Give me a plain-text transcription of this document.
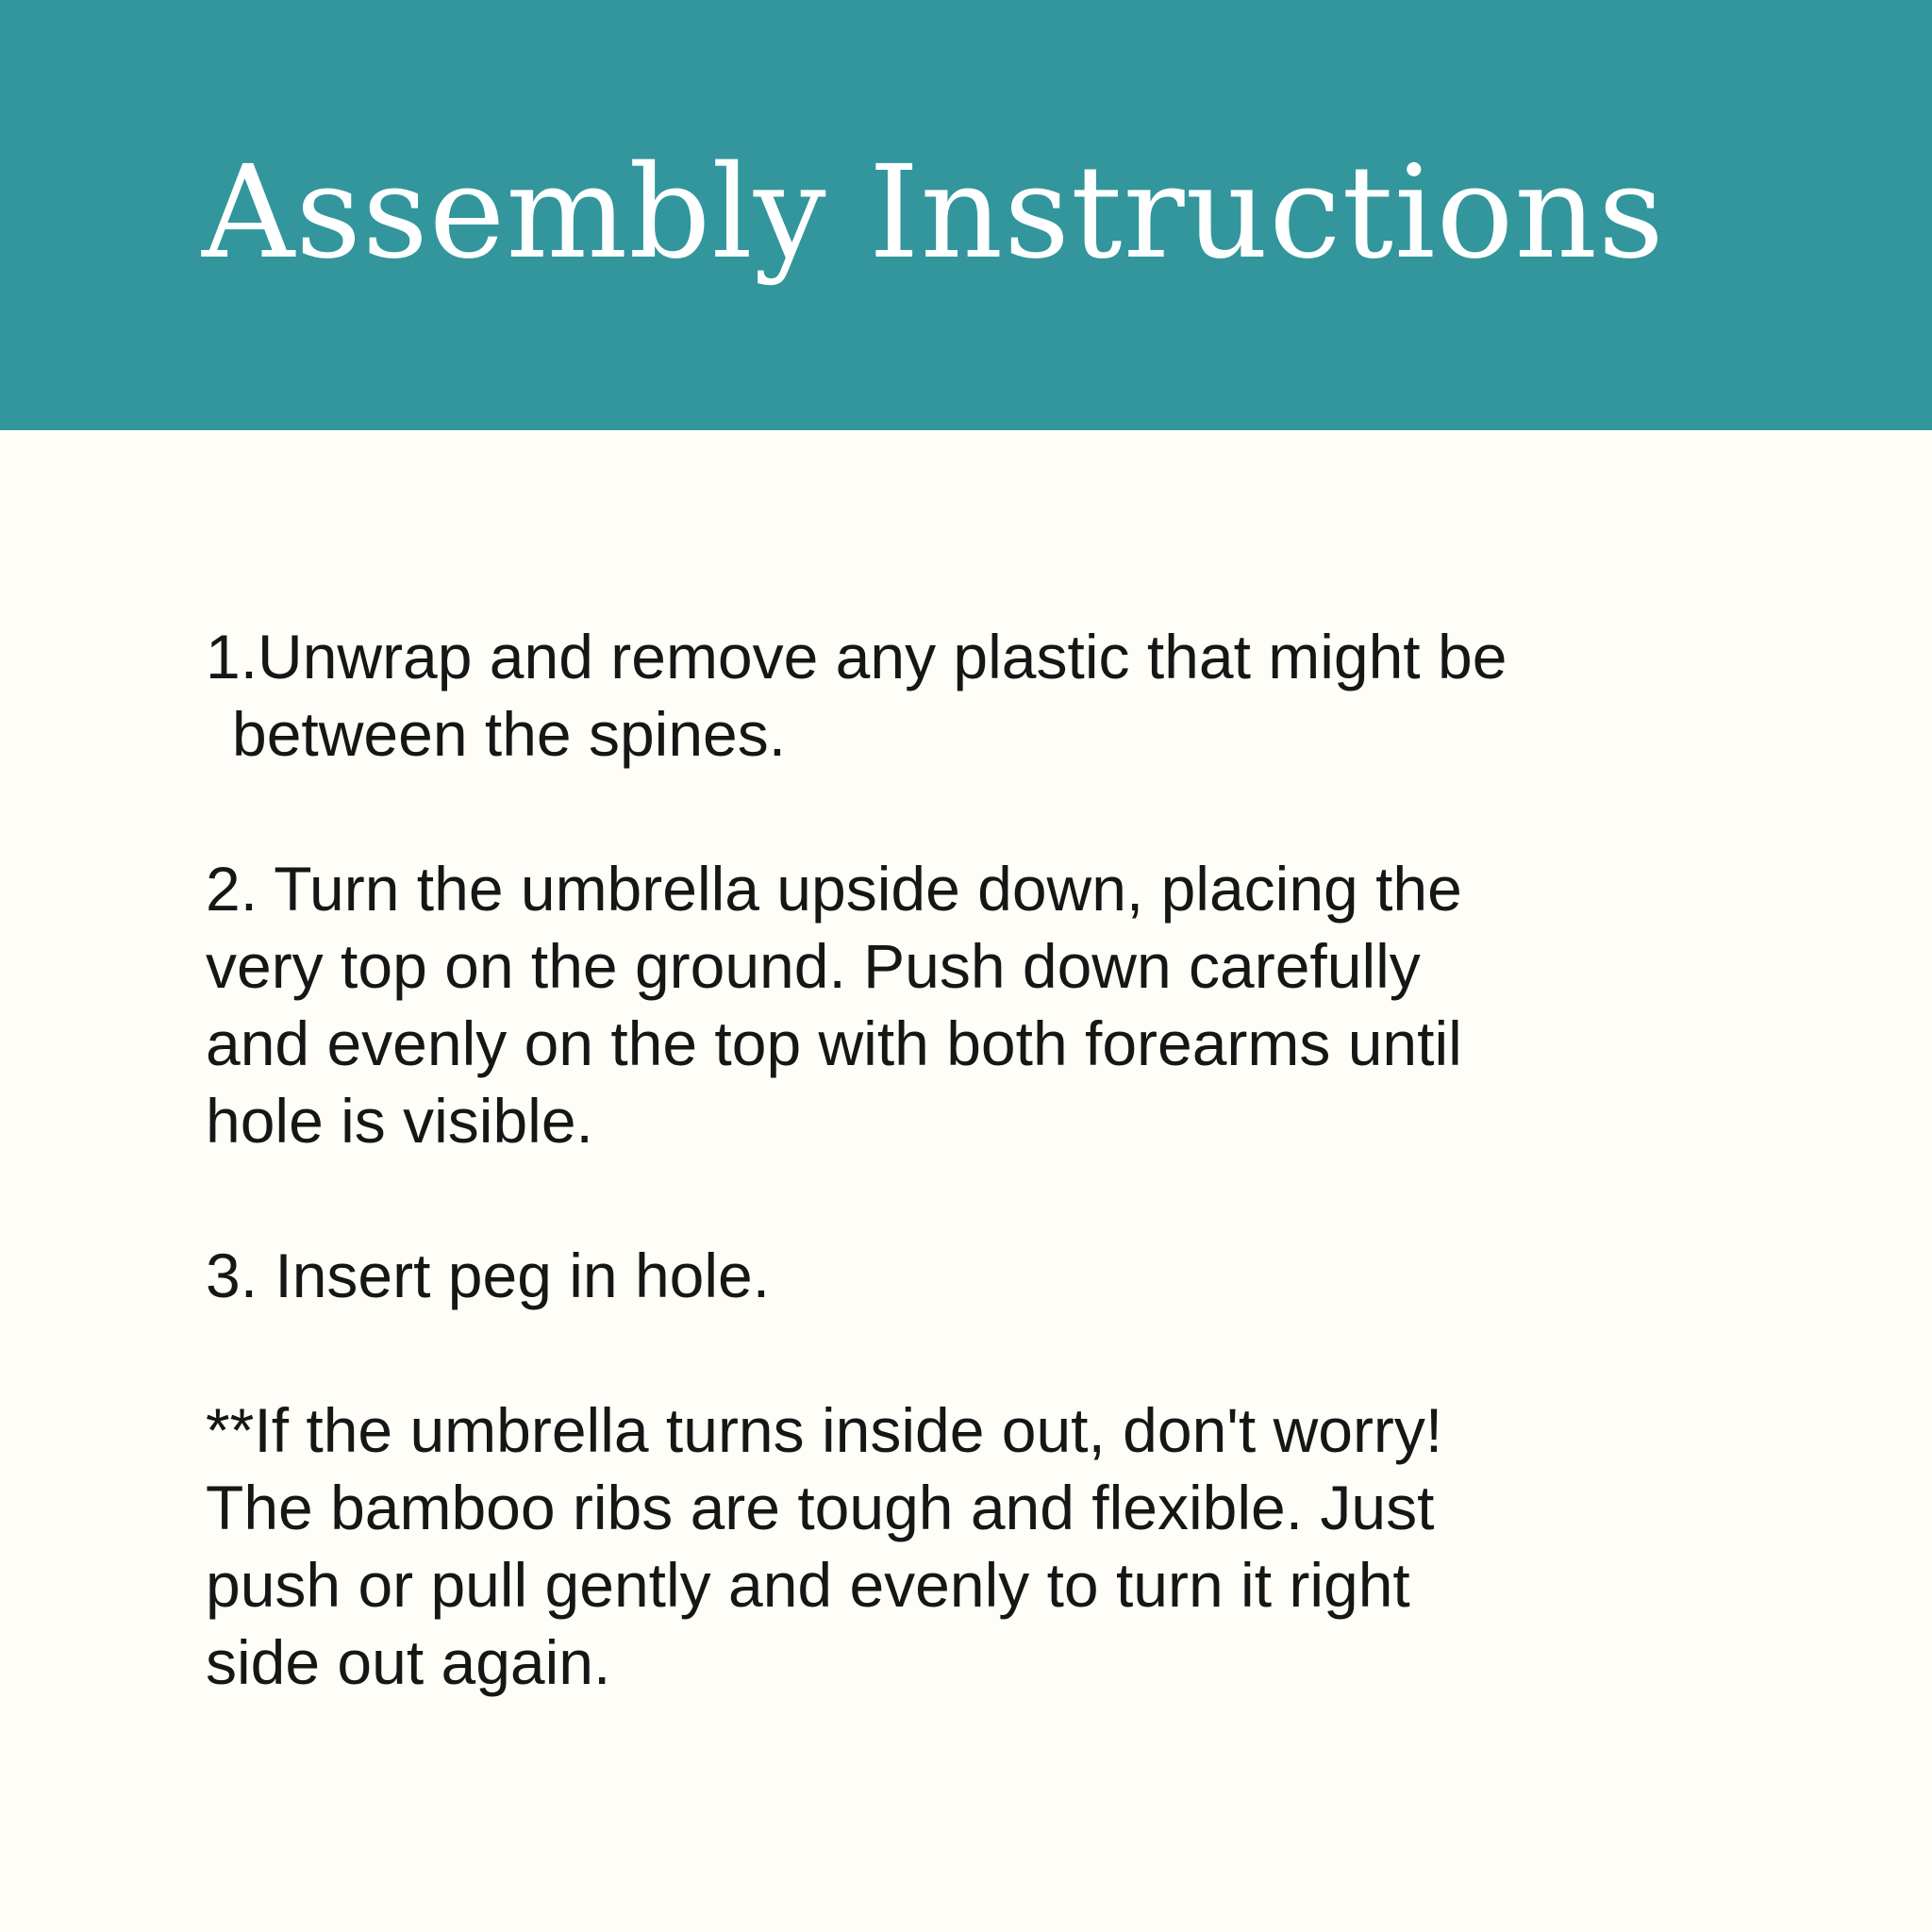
Assembly Instructions

1.Unwrap and remove any plastic that might be

between the spines.

2. Turn the umbrella upside down, placing the

very top on the ground. Push down carefully

and evenly on the top with both forearms until

hole is visible.

3. Insert peg in hole.

**If the umbrella turns inside out, don't worry!

The bamboo ribs are tough and flexible. Just

push or pull gently and evenly to turn it right

side out again.
